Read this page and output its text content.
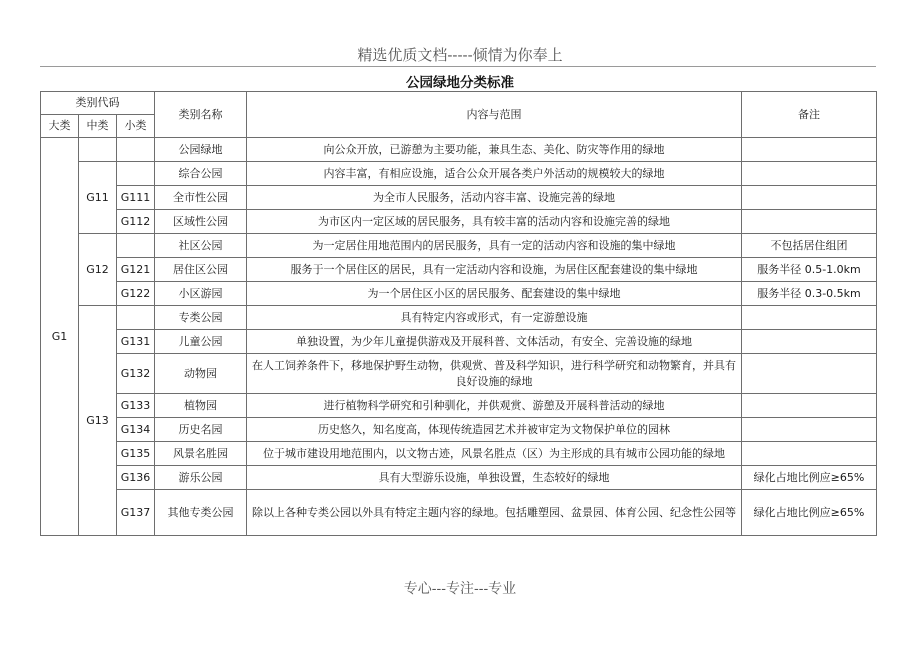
精选优质文档-----倾情为你奉上
公园绿地分类标准
类别代码			类别名称	内容与范围	备注
大类	中类	小类			
G1			公园绿地	向公众开放，已游憩为主要功能，兼具生态、美化、防灾等作用的绿地	
	G11		综合公园	内容丰富，有相应设施，适合公众开展各类户外活动的规模较大的绿地	
		G111	全市性公园	为全市人民服务，活动内容丰富、设施完善的绿地	
		G112	区域性公园	为市区内一定区域的居民服务，具有较丰富的活动内容和设施完善的绿地	
	G12		社区公园	为一定居住用地范围内的居民服务，具有一定的活动内容和设施的集中绿地	不包括居住组团
		G121	居住区公园	服务于一个居住区的居民，具有一定活动内容和设施，为居住区配套建设的集中绿地	服务半径 0.5-1.0km
		G122	小区游园	为一个居住区小区的居民服务、配套建设的集中绿地	服务半径 0.3-0.5km
	G13		专类公园	具有特定内容或形式，有一定游憩设施	
		G131	儿童公园	单独设置，为少年儿童提供游戏及开展科普、文体活动，有安全、完善设施的绿地	
		G132	动物园	在人工饲养条件下，移地保护野生动物，供观赏、普及科学知识，进行科学研究和动物繁育，并具有良好设施的绿地	
		G133	植物园	进行植物科学研究和引种驯化，并供观赏、游憩及开展科普活动的绿地	
		G134	历史名园	历史悠久，知名度高，体现传统造园艺术并被审定为文物保护单位的园林	
		G135	风景名胜园	位于城市建设用地范围内，以文物古迹，风景名胜点（区）为主形成的具有城市公园功能的绿地	
		G136	游乐公园	具有大型游乐设施，单独设置，生态较好的绿地	绿化占地比例应≥65%
		G137	其他专类公园	除以上各种专类公园以外具有特定主题内容的绿地。包括雕塑园、盆景园、体育公园、纪念性公园等	绿化占地比例应≥65%
专心---专注---专业
